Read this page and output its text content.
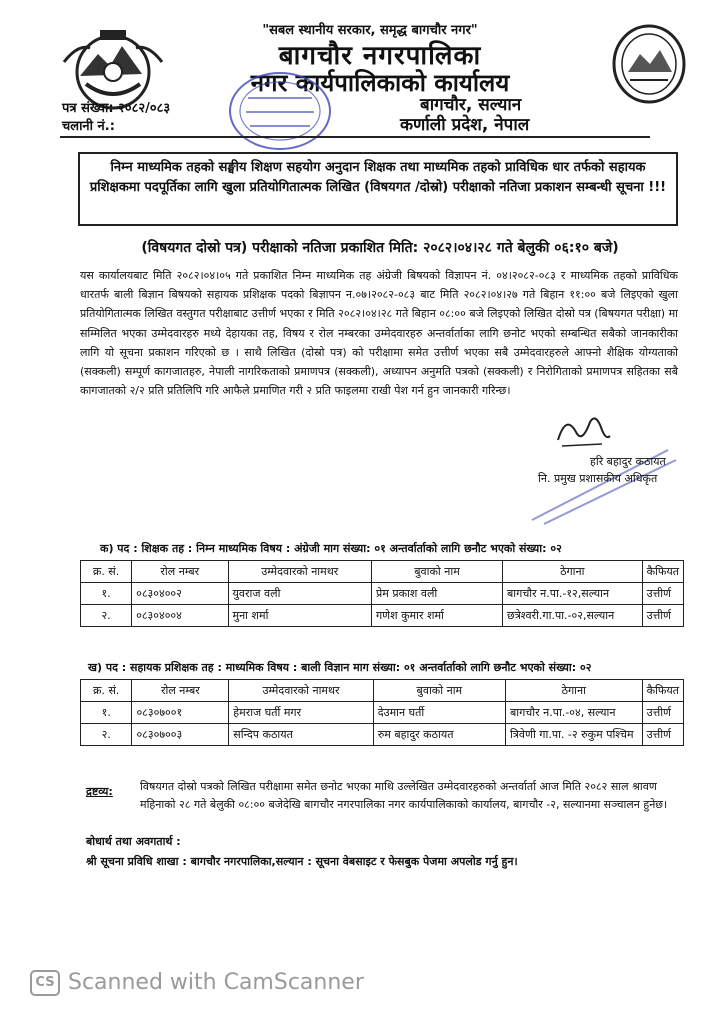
"सबल स्थानीय सरकार, समृद्ध बागचौर नगर"
बागचौर नगरपालिका
नगर कार्यपालिकाको कार्यालय
बागचौर, सल्यान
कर्णाली प्रदेश, नेपाल
पत्र संख्या: २०८२/०८३
चलानी नं.:
निम्न माध्यमिक तहको सङ्घीय शिक्षण सहयोग अनुदान शिक्षक तथा माध्यमिक तहको प्राविधिक धार तर्फको सहायक प्रशिक्षकमा पदपूर्तिका लागि खुला प्रतियोगितात्मक लिखित (विषयगत /दोस्रो) परीक्षाको नतिजा प्रकाशन सम्बन्धी सूचना !!!
(विषयगत दोस्रो पत्र) परीक्षाको नतिजा प्रकाशित मिति: २०८२।०४।२८ गते बेलुकी ०६:१० बजे)
यस कार्यालयबाट मिति २०८२।०४।०५ गते प्रकाशित निम्न माध्यमिक तह अंग्रेजी बिषयको विज्ञापन नं. ०४।२०८२-०८३ र माध्यमिक तहको प्राविधिक धारतर्फ बाली बिज्ञान बिषयको सहायक प्रशिक्षक पदको बिज्ञापन न.०७।२०८२-०८३ बाट मिति २०८२।०४।२७ गते बिहान ११:०० बजे लिइएको खुला प्रतियोगितात्मक लिखित वस्तुगत परीक्षाबाट उत्तीर्ण भएका र मिति २०८२।०४।२८ गते बिहान ०८:०० बजे लिइएको लिखित दोस्रो पत्र (बिषयगत परीक्षा) मा सम्मिलित भएका उम्मेदवारहरु मध्ये देहायका तह, विषय र रोल नम्बरका उम्मेदवारहरु अन्तर्वार्ताका लागि छनोट भएको सम्बन्धित सबैको जानकारीका लागि यो सूचना प्रकाशन गरिएको छ । साथै लिखित (दोस्रो पत्र) को परीक्षामा समेत उत्तीर्ण भएका सबै उम्मेदवारहरुले आफ्नो शैक्षिक योग्यताको (सक्कली) सम्पूर्ण कागजातहरु, नेपाली नागरिकताको प्रमाणपत्र (सक्कली), अध्यापन अनुमति पत्रको (सक्कली) र निरोगिताको प्रमाणपत्र सहितका सबै कागजातको २/२ प्रति प्रतिलिपि गरि आफैले प्रमाणित गरी २ प्रति फाइलमा राखी पेश गर्न हुन जानकारी गरिन्छ।
हरि बहादुर कठायत
नि. प्रमुख प्रशासकीय अधिकृत
क) पद : शिक्षक तह : निम्न माध्यमिक विषय : अंग्रेजी माग संख्या: ०१ अन्तर्वार्ताको लागि छनौट भएको संख्या: ०२
क्र. सं.	रोल नम्बर	उम्मेदवारको नामथर	बुवाको नाम	ठेगाना	कैफियत
१.	०८३०४००२	युवराज वली	प्रेम प्रकाश वली	बागचौर न.पा.-१२,सल्यान	उत्तीर्ण
२.	०८३०४००४	मुना शर्मा	गणेश कुमार शर्मा	छत्रेश्वरी.गा.पा.-०२,सल्यान	उत्तीर्ण
ख) पद : सहायक प्रशिक्षक तह : माध्यमिक विषय : बाली विज्ञान माग संख्या: ०१ अन्तर्वार्ताको लागि छनौट भएको संख्या: ०२
क्र. सं.	रोल नम्बर	उम्मेदवारको नामथर	बुवाको नाम	ठेगाना	कैफियत
१.	०८३०७००१	हेमराज घर्ती मगर	देउमान घर्ती	बागचौर न.पा.-०४, सल्यान	उत्तीर्ण
२.	०८३०७००३	सन्दिप कठायत	रुम बहादुर कठायत	त्रिवेणी गा.पा. -२ रुकुम पश्चिम	उत्तीर्ण
द्रष्टव्य: विषयगत दोस्रो पत्रको लिखित परीक्षामा समेत छनोट भएका माथि उल्लेखित उम्मेदवारहरुको अन्तर्वार्ता आज मिति २०८२ साल श्रावण महिनाको २८ गते बेलुकी ०८:०० बजेदेखि बागचौर नगरपालिका नगर कार्यपालिकाको कार्यालय, बागचौर -२, सल्यानमा सञ्चालन हुनेछ।
बोधार्थ तथा अवगतार्थ :
श्री सूचना प्रविधि शाखा : बागचौर नगरपालिका,सल्यान : सूचना वेबसाइट र फेसबुक पेजमा अपलोड गर्नु हुन।
CS Scanned with CamScanner
